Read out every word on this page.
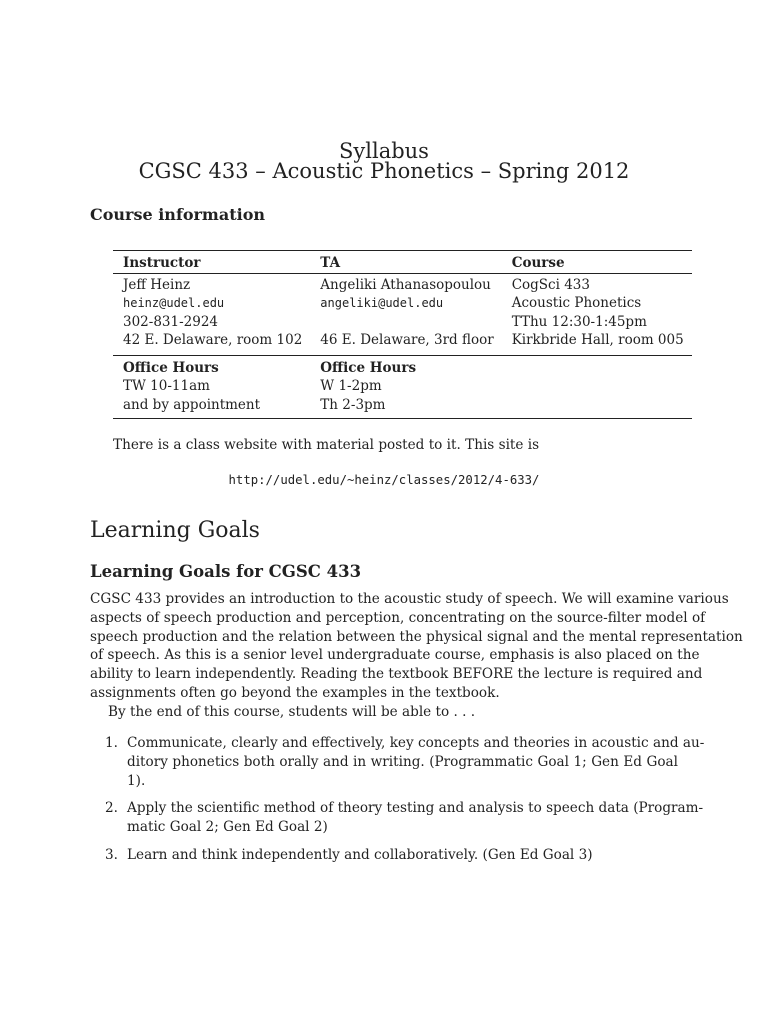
Syllabus
CGSC 433 – Acoustic Phonetics – Spring 2012
Course information
Instructor	TA	Course
Jeff Heinz	Angeliki Athanasopoulou	CogSci 433
heinz@udel.edu	angeliki@udel.edu	Acoustic Phonetics
302-831-2924		TThu 12:30-1:45pm
42 E. Delaware, room 102	46 E. Delaware, 3rd floor	Kirkbride Hall, room 005
Office Hours	Office Hours	
TW 10-11am	W 1-2pm	
and by appointment	Th 2-3pm	

There is a class website with material posted to it. This site is
http://udel.edu/~heinz/classes/2012/4-633/
Learning Goals
Learning Goals for CGSC 433
CGSC 433 provides an introduction to the acoustic study of speech. We will examine various
aspects of speech production and perception, concentrating on the source-filter model of
speech production and the relation between the physical signal and the mental representation
of speech. As this is a senior level undergraduate course, emphasis is also placed on the
ability to learn independently. Reading the textbook BEFORE the lecture is required and
assignments often go beyond the examples in the textbook.
By the end of this course, students will be able to . . .
1. Communicate, clearly and effectively, key concepts and theories in acoustic and au-
ditory phonetics both orally and in writing. (Programmatic Goal 1; Gen Ed Goal
1).
2. Apply the scientific method of theory testing and analysis to speech data (Program-
matic Goal 2; Gen Ed Goal 2)
3. Learn and think independently and collaboratively. (Gen Ed Goal 3)
